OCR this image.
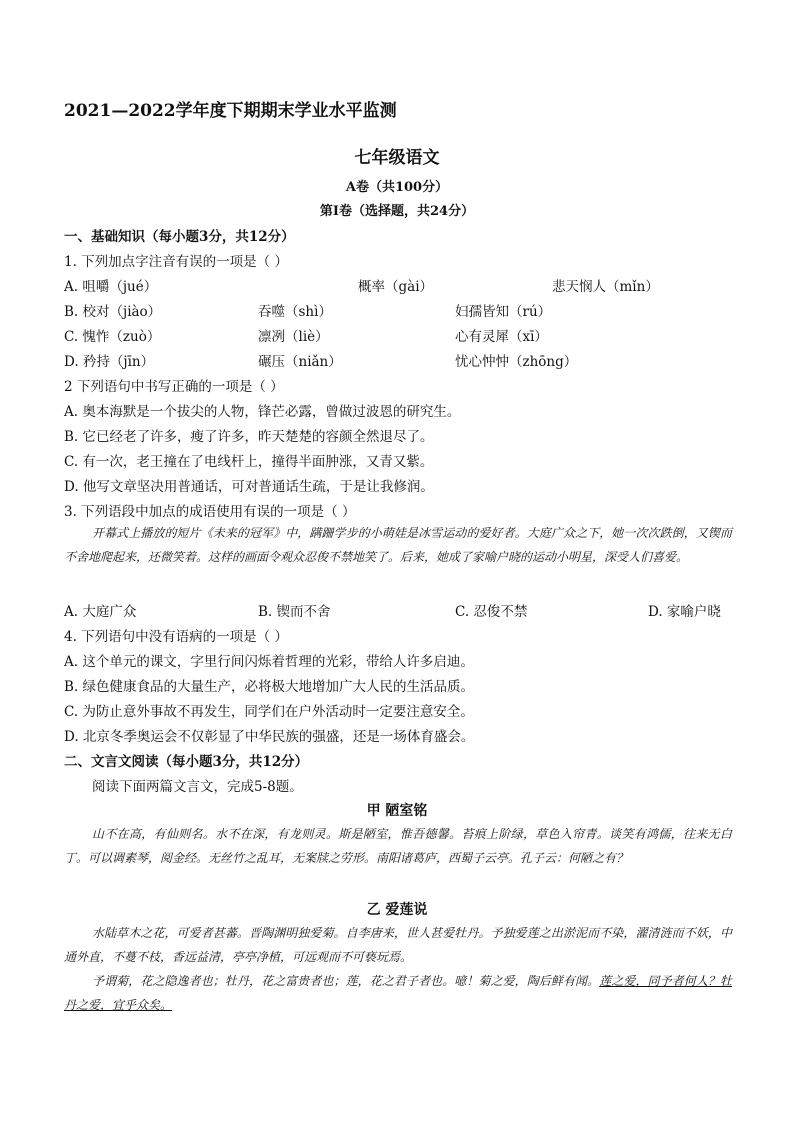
2021—2022学年度下期期末学业水平监测
七年级语文
A卷（共100分）
第Ⅰ卷（选择题，共24分）
一、基础知识（每小题3分，共12分）
1. 下列加点字注音有误的一项是（ ）
A. 咀嚼（jué）	概率（gài）	悲天悯人（mǐn）
B. 校对（jiào）	吞噬（shì）	妇孺皆知（rú）
C. 愧怍（zuò）	凛冽（liè）	心有灵犀（xī）
D. 矜持（jīn）	碾压（niǎn）	忧心忡忡（zhōng）
2 下列语句中书写正确的一项是（ ）
A. 奥本海默是一个拔尖的人物，锋芒必露，曾做过波恩的研究生。
B. 它已经老了许多，瘦了许多，昨天楚楚的容颜全然退尽了。
C. 有一次，老王撞在了电线杆上，撞得半面肿涨，又青又紫。
D. 他写文章坚决用普通话，可对普通话生疏，于是让我修润。
3. 下列语段中加点的成语使用有误的一项是（ ）
开幕式上播放的短片《未来的冠军》中，蹒跚学步的小萌娃是冰雪运动的爱好者。大庭广众之下，她一次次跌倒，又锲而不舍地爬起来，还微笑着。这样的画面令观众忍俊不禁地笑了。后来，她成了家喻户晓的运动小明星，深受人们喜爱。
A. 大庭广众	B. 锲而不舍	C. 忍俊不禁	D. 家喻户晓
4. 下列语句中没有语病的一项是（ ）
A. 这个单元的课文，字里行间闪烁着哲理的光彩，带给人许多启迪。
B. 绿色健康食品的大量生产，必将极大地增加广大人民的生活品质。
C. 为防止意外事故不再发生，同学们在户外活动时一定要注意安全。
D. 北京冬季奥运会不仅彰显了中华民族的强盛，还是一场体育盛会。
二、文言文阅读（每小题3分，共12分）
阅读下面两篇文言文，完成5-8题。
甲 陋室铭
山不在高，有仙则名。水不在深，有龙则灵。斯是陋室，惟吾德馨。苔痕上阶绿，草色入帘青。谈笑有鸿儒，往来无白丁。可以调素琴，阅金经。无丝竹之乱耳，无案牍之劳形。南阳诸葛庐，西蜀子云亭。孔子云：何陋之有？
乙 爱莲说
水陆草木之花，可爱者甚蕃。晋陶渊明独爱菊。自李唐来，世人甚爱牡丹。予独爱莲之出淤泥而不染，濯清涟而不妖，中通外直，不蔓不枝，香远益清，亭亭净植，可远观而不可亵玩焉。
予谓菊，花之隐逸者也；牡丹，花之富贵者也；莲，花之君子者也。噫！菊之爱，陶后鲜有闻。莲之爱，同予者何人？牡丹之爱，宜乎众矣。
